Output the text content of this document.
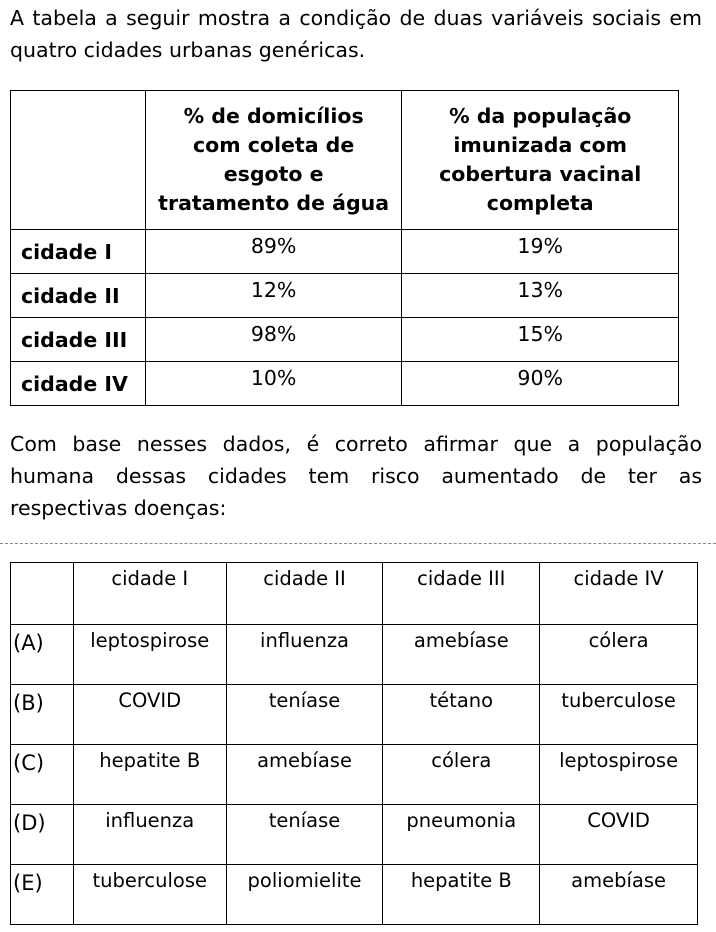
A tabela a seguir mostra a condição de duas variáveis sociais em quatro cidades urbanas genéricas.

	% de domicílios com coleta de esgoto e tratamento de água	% da população imunizada com cobertura vacinal completa
cidade I	89%	19%
cidade II	12%	13%
cidade III	98%	15%
cidade IV	10%	90%

Com base nesses dados, é correto afirmar que a população humana dessas cidades tem risco aumentado de ter as respectivas doenças:

	cidade I	cidade II	cidade III	cidade IV
(A)	leptospirose	influenza	amebíase	cólera
(B)	COVID	teníase	tétano	tuberculose
(C)	hepatite B	amebíase	cólera	leptospirose
(D)	influenza	teníase	pneumonia	COVID
(E)	tuberculose	poliomielite	hepatite B	amebíase
